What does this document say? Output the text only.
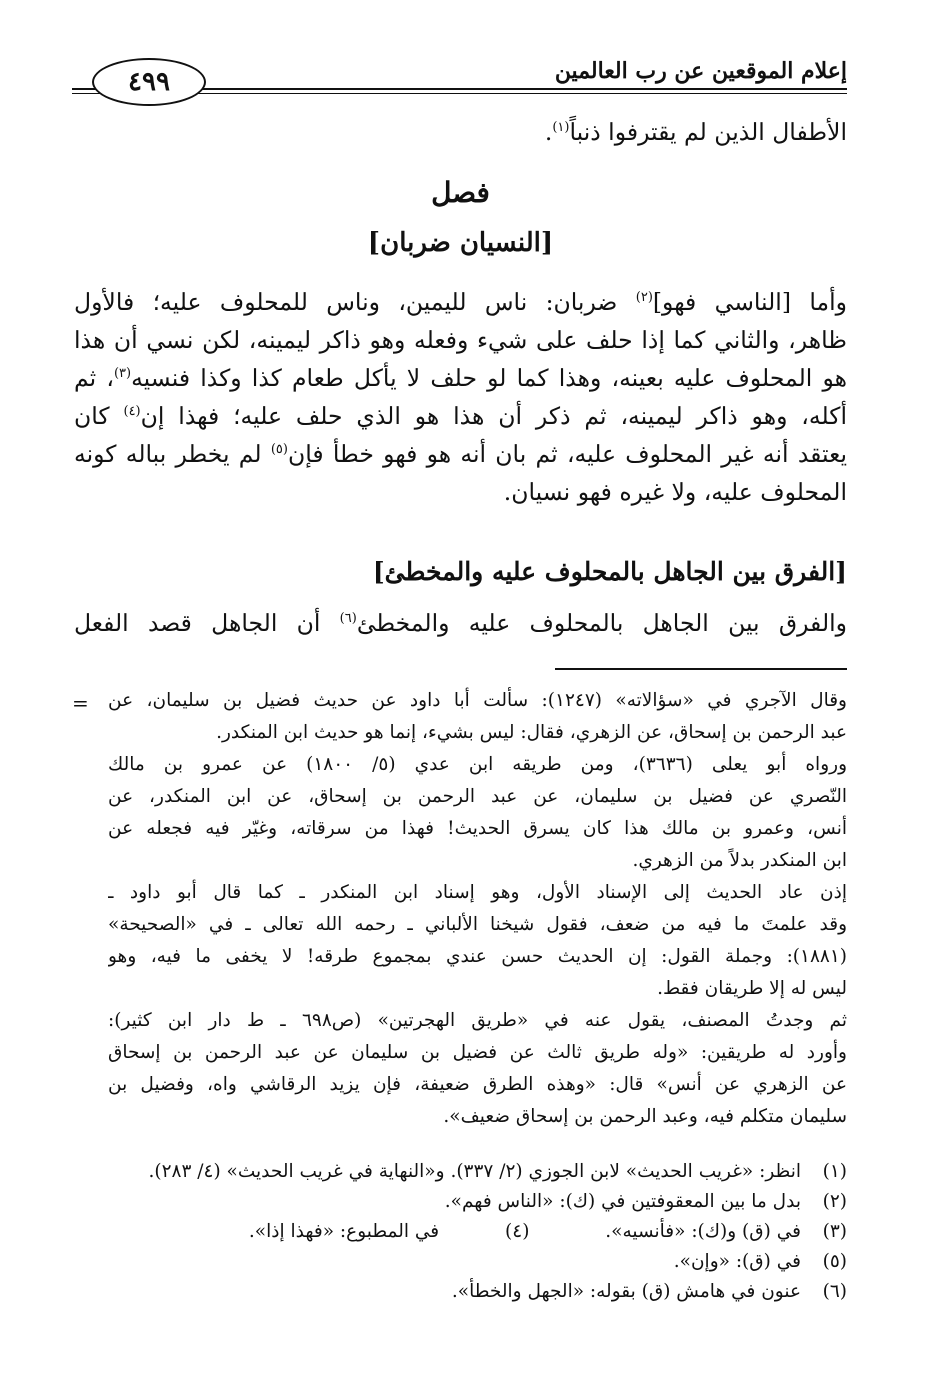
إعلام الموقعين عن رب العالمين
٤٩٩
الأطفال الذين لم يقترفوا ذنباً$^{(١)}$.
فصل
[النسيان ضربان]
وأما [الناسي فهو]$^{(٢)}$ ضربان: ناس لليمين، وناس للمحلوف عليه؛ فالأول
ظاهر، والثاني كما إذا حلف على شيء وفعله وهو ذاكر ليمينه، لكن نسي أن هذا
هو المحلوف عليه بعينه، وهذا كما لو حلف لا يأكل طعام كذا وكذا فنسيه$^{(٣)}$، ثم
أكله، وهو ذاكر ليمينه، ثم ذكر أن هذا هو الذي حلف عليه؛ فهذا إن$^{(٤)}$ كان
يعتقد أنه غير المحلوف عليه، ثم بان أنه هو فهو خطأ فإن$^{(٥)}$ لم يخطر بباله كونه
المحلوف عليه، ولا غيره فهو نسيان.
[الفرق بين الجاهل بالمحلوف عليه والمخطئ]
والفرق بين الجاهل بالمحلوف عليه والمخطئ$^{(٦)}$ أن الجاهل قصد الفعل
= وقال الآجري في «سؤالاته» (١٢٤٧): سألت أبا داود عن حديث فضيل بن سليمان، عن
عبد الرحمن بن إسحاق، عن الزهري، فقال: ليس بشيء، إنما هو حديث ابن المنكدر.
ورواه أبو يعلى (٣٦٣٦)، ومن طريقه ابن عدي (٥/ ١٨٠٠) عن عمرو بن مالك
النّصري عن فضيل بن سليمان، عن عبد الرحمن بن إسحاق، عن ابن المنكدر، عن
أنس، وعمرو بن مالك هذا كان يسرق الحديث! فهذا من سرقاته، وغيّر فيه فجعله عن
ابن المنكدر بدلاً من الزهري.
إذن عاد الحديث إلى الإسناد الأول، وهو إسناد ابن المنكدر ـ كما قال أبو داود ـ
وقد علمتَ ما فيه من ضعف، فقول شيخنا الألباني ـ رحمه الله تعالى ـ في «الصحيحة»
(١٨٨١): وجملة القول: إن الحديث حسن عندي بمجموع طرقه! لا يخفى ما فيه، وهو
ليس له إلا طريقان فقط.
ثم وجدتُ المصنف، يقول عنه في «طريق الهجرتين» (ص٦٩٨ ـ ط دار ابن كثير):
وأورد له طريقين: «وله طريق ثالث عن فضيل بن سليمان عن عبد الرحمن بن إسحاق
عن الزهري عن أنس» قال: «وهذه الطرق ضعيفة، فإن يزيد الرقاشي واه، وفضيل بن
سليمان متكلم فيه، وعبد الرحمن بن إسحاق ضعيف».
(١)
انظر: «غريب الحديث» لابن الجوزي (٢/ ٣٣٧). و«النهاية في غريب الحديث» (٤/ ٢٨٣).
(٢)
بدل ما بين المعقوفتين في (ك): «الناس فهم».
(٣)
في (ق) و(ك): «فأنسيه». (٤) في المطبوع: «فهذا إذا».
(٥)
في (ق): «وإن».
(٦)
عنون في هامش (ق) بقوله: «الجهل والخطأ».
